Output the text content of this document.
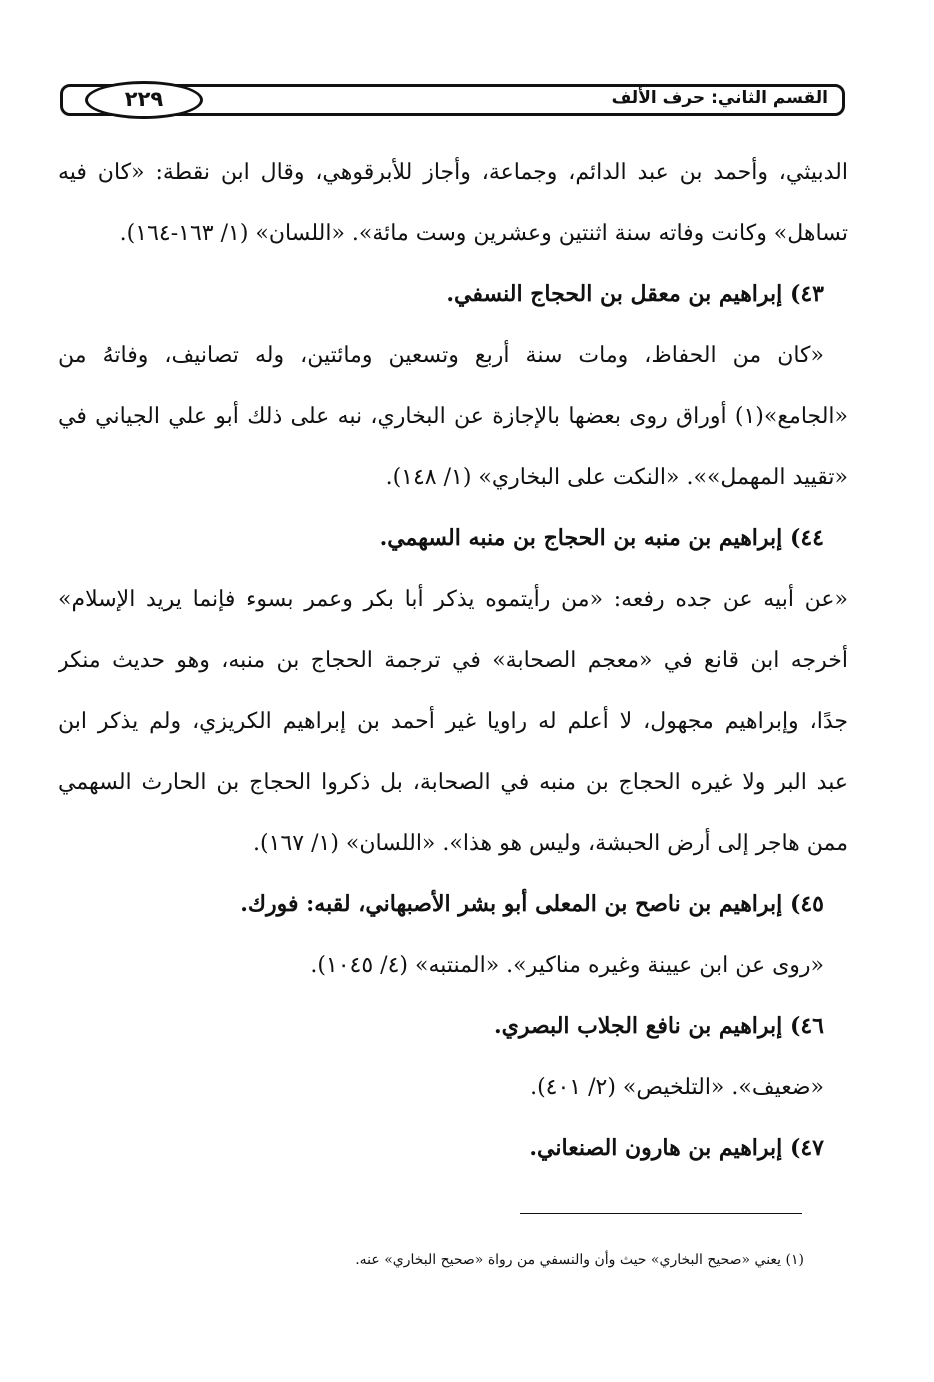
القسم الثاني: حرف الألف
٢٢٩
الدبيثي، وأحمد بن عبد الدائم، وجماعة، وأجاز للأبرقوهي، وقال ابن نقطة: «كان فيه
تساهل» وكانت وفاته سنة اثنتين وعشرين وست مائة». «اللسان» (١/ ١٦٣-١٦٤).
٤٣) إبراهيم بن معقل بن الحجاج النسفي.
«كان من الحفاظ، ومات سنة أربع وتسعين ومائتين، وله تصانيف، وفاتهُ من
«الجامع»(١) أوراق روى بعضها بالإجازة عن البخاري، نبه على ذلك أبو علي الجياني في
«تقييد المهمل»». «النكت على البخاري» (١/ ١٤٨).
٤٤) إبراهيم بن منبه بن الحجاج بن منبه السهمي.
«عن أبيه عن جده رفعه: «من رأيتموه يذكر أبا بكر وعمر بسوء فإنما يريد الإسلام»
أخرجه ابن قانع في «معجم الصحابة» في ترجمة الحجاج بن منبه، وهو حديث منكر
جدًا، وإبراهيم مجهول، لا أعلم له راويا غير أحمد بن إبراهيم الكريزي، ولم يذكر ابن
عبد البر ولا غيره الحجاج بن منبه في الصحابة، بل ذكروا الحجاج بن الحارث السهمي
ممن هاجر إلى أرض الحبشة، وليس هو هذا». «اللسان» (١/ ١٦٧).
٤٥) إبراهيم بن ناصح بن المعلى أبو بشر الأصبهاني، لقبه: فورك.
«روى عن ابن عيينة وغيره مناكير». «المنتبه» (٤/ ١٠٤٥).
٤٦) إبراهيم بن نافع الجلاب البصري.
«ضعيف». «التلخيص» (٢/ ٤٠١).
٤٧) إبراهيم بن هارون الصنعاني.
(١) يعني «صحيح البخاري» حيث وأن والنسفي من رواة «صحيح البخاري» عنه.
